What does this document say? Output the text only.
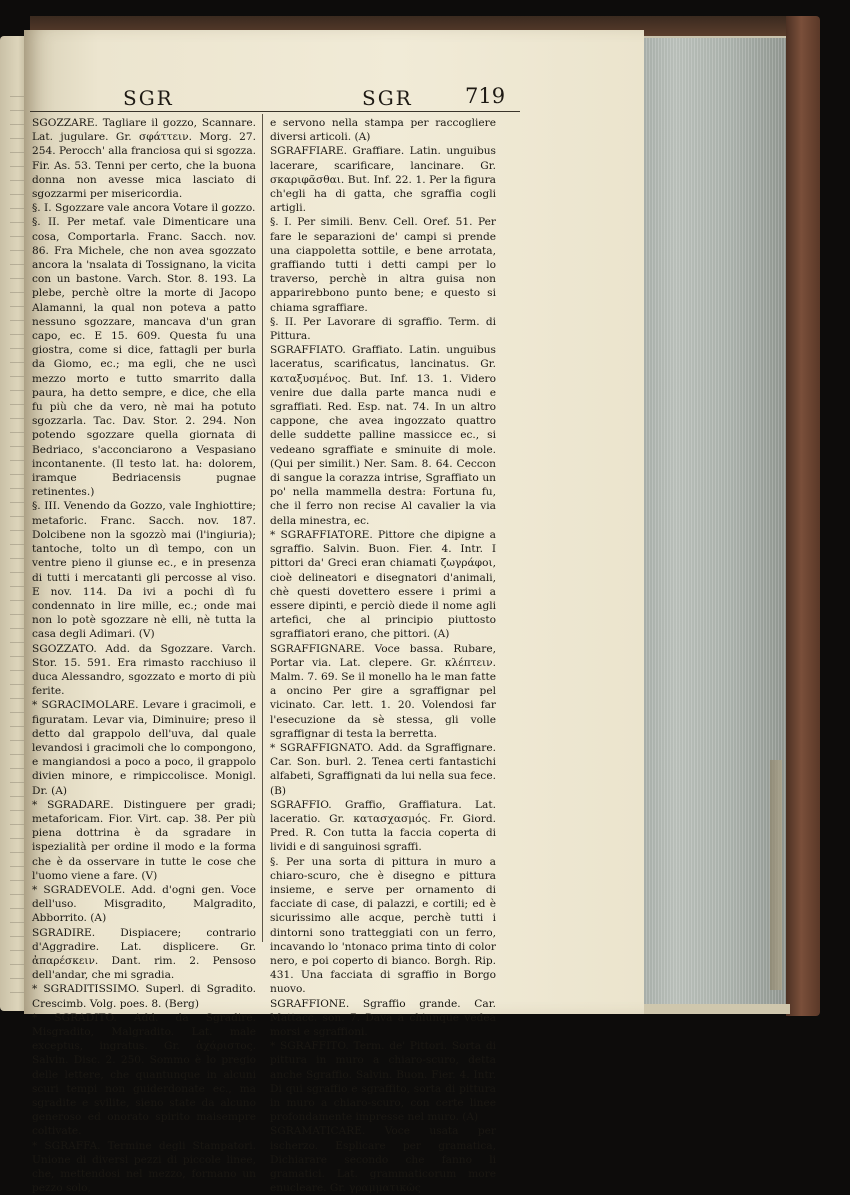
SGR	SGR 719

SGOZZARE. Tagliare il gozzo, Scannare. Lat. jugulare. Gr. σφάττειν. Morg. 27. 254. Perocch' alla franciosa qui si sgozza. Fir. As. 53. Tenni per certo, che la buona donna non avesse mica lasciato di sgozzarmi per misericordia.

§. I. Sgozzare vale ancora Votare il gozzo.

§. II. Per metaf. vale Dimenticare una cosa, Comportarla. Franc. Sacch. nov. 86. Fra Michele, che non avea sgozzato ancora la 'nsalata di Tossignano, la vicita con un bastone. Varch. Stor. 8. 193. La plebe, perchè oltre la morte di Jacopo Alamanni, la qual non poteva a patto nessuno sgozzare, mancava d'un gran capo, ec. E 15. 609. Questa fu una giostra, come si dice, fattagli per burla da Giomo, ec.; ma egli, che ne uscì mezzo morto e tutto smarrito dalla paura, ha detto sempre, e dice, che ella fu più che da vero, nè mai ha potuto sgozzarla. Tac. Dav. Stor. 2. 294. Non potendo sgozzare quella giornata di Bedriaco, s'acconciarono a Vespasiano incontanente. (Il testo lat. ha: dolorem, iramque Bedriacensis pugnae retinentes.)

§. III. Venendo da Gozzo, vale Inghiottire; metaforic. Franc. Sacch. nov. 187. Dolcibene non la sgozzò mai (l'ingiuria); tantoche, tolto un dì tempo, con un ventre pieno il giunse ec., e in presenza di tutti i mercatanti gli percosse al viso. E nov. 114. Da ivi a pochi dì fu condennato in lire mille, ec.; onde mai non lo potè sgozzare nè elli, nè tutta la casa degli Adimari. (V)

SGOZZATO. Add. da Sgozzare. Varch. Stor. 15. 591. Era rimasto racchiuso il duca Alessandro, sgozzato e morto di più ferite.

* SGRACIMOLARE. Levare i gracimoli, e figuratam. Levar via, Diminuire; preso il detto dal grappolo dell'uva, dal quale levandosi i gracimoli che lo compongono, e mangiandosi a poco a poco, il grappolo divien minore, e rimpiccolisce. Monigl. Dr. (A)

* SGRADARE. Distinguere per gradi; metaforicam. Fior. Virt. cap. 38. Per più piena dottrina è da sgradare in ispezialità per ordine il modo e la forma che è da osservare in tutte le cose che l'uomo viene a fare. (V)

* SGRADEVOLE. Add. d'ogni gen. Voce dell'uso. Misgradito, Malgradito, Abborrito. (A)

SGRADIRE. Dispiacere; contrario d'Aggradire. Lat. displicere. Gr. ἀπαρέσκειν. Dant. rim. 2. Pensoso dell'andar, che mi sgradia.

* SGRADITISSIMO. Superl. di Sgradito. Crescimb. Volg. poes. 8. (Berg)

* SGRADITO. Add. da Sgradire. Misgradito, Malgradito. Lat. male exceptus, ingratus. Gr. ἀχάριστος. Salvin. Disc. 2. 250. Sommo è lo pregio delle lettere, che quantunque in alcuni scuri tempi non guiderdonate ec., ma sgradite e svilite, sieno state da alcuno generoso ed onorato spirito maisempre coltivate.

* SGRAFFA. Termine degli Stampatori. Unione di diversi pezzi di piccole linee, che, mettendosi nel mezzo, formano un pezzo solo,

e servono nella stampa per raccogliere diversi articoli. (A)

SGRAFFIARE. Graffiare. Latin. unguibus lacerare, scarificare, lancinare. Gr. σκαριφᾶσθαι. But. Inf. 22. 1. Per la figura ch'egli ha di gatta, che sgraffia cogli artigli.

§. I. Per simili. Benv. Cell. Oref. 51. Per fare le separazioni de' campi si prende una ciappoletta sottile, e bene arrotata, graffiando tutti i detti campi per lo traverso, perchè in altra guisa non apparirebbono punto bene; e questo si chiama sgraffiare.

§. II. Per Lavorare di sgraffio. Term. di Pittura.

SGRAFFIATO. Graffiato. Latin. unguibus laceratus, scarificatus, lancinatus. Gr. καταξυσμένος. But. Inf. 13. 1. Videro venire due dalla parte manca nudi e sgraffiati. Red. Esp. nat. 74. In un altro cappone, che avea ingozzato quattro delle suddette palline massicce ec., si vedeano sgraffiate e sminuite di mole. (Qui per similit.) Ner. Sam. 8. 64. Ceccon di sangue la corazza intrise, Sgraffiato un po' nella mammella destra: Fortuna fu, che il ferro non recise Al cavalier la via della minestra, ec.

* SGRAFFIATORE. Pittore che dipigne a sgraffio. Salvin. Buon. Fier. 4. Intr. I pittori da' Greci eran chiamati ζωγράφοι, cioè delineatori e disegnatori d'animali, chè questi dovettero essere i primi a essere dipinti, e perciò diede il nome agli artefici, che al principio piuttosto sgraffiatori erano, che pittori. (A)

SGRAFFIGNARE. Voce bassa. Rubare, Portar via. Lat. clepere. Gr. κλέπτειν. Malm. 7. 69. Se il monello ha le man fatte a oncino Per gire a sgraffignar pel vicinato. Car. lett. 1. 20. Volendosi far l'esecuzione da sè stessa, gli volle sgraffignar di testa la berretta.

* SGRAFFIGNATO. Add. da Sgraffignare. Car. Son. burl. 2. Tenea certi fantastichi alfabeti, Sgraffignati da lui nella sua fece. (B)

SGRAFFIO. Graffio, Graffiatura. Lat. laceratio. Gr. κατασχασμός. Fr. Giord. Pred. R. Con tutta la faccia coperta di lividi e di sanguinosi sgraffi.

§. Per una sorta di pittura in muro a chiaro-scuro, che è disegno e pittura insieme, e serve per ornamento di facciate di case, di palazzi, e cortili; ed è sicurissimo alle acque, perchè tutti i dintorni sono tratteggiati con un ferro, incavando lo 'ntonaco prima tinto di color nero, e poi coperto di bianco. Borgh. Rip. 431. Una facciata di sgraffio in Borgo nuovo.

SGRAFFIONE. Sgraffio grande. Car. Mattacc. son. 7. Dava a chiunque vedea morsi e sgraffioni.

* SGRAFFITO. Term. de' Pittori. Sorta di pittura in muro a chiaro-scuro, detta anche Sgraffio. Salvin. Buon. Fier. 4. Intr. Di qui sgraffio e sgraffito, sorta di pittura in muro a chiaro-scuro, con certe linee profondamente impresse nel muro. (A)

SGRAMATICARE. Voce usata per ischerzo. Esplicare per gramatica, Dichiarare secondo che fanno li gramatici. Lat. grammaticorum more enucleare. Gr. γραμματικῶς
